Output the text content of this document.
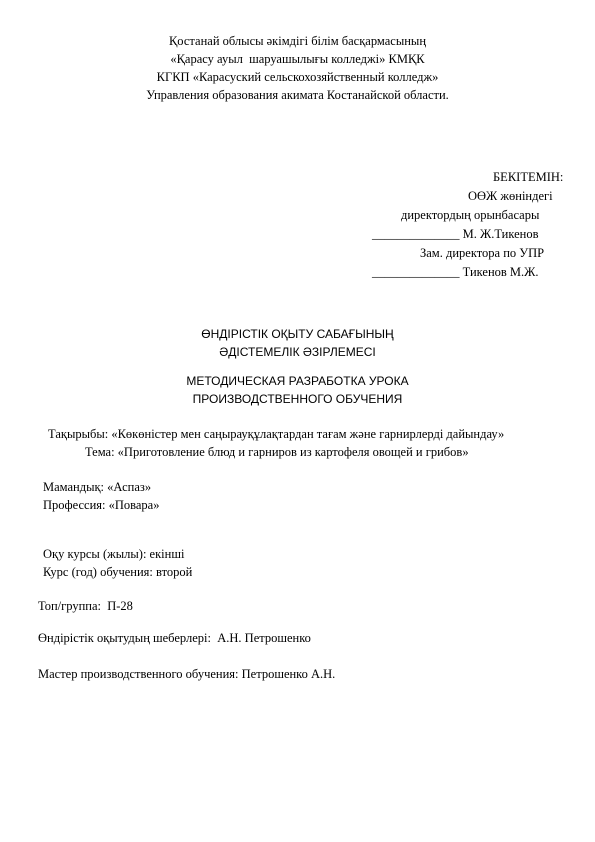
Қостанай облысы әкімдігі білім басқармасының
«Қарасу ауыл  шаруашылығы колледжі» КМҚК
КГКП «Карасуский сельскохозяйственный колледж»
Управления образования акимата Костанайской области.
БЕКІТЕМІН:
ОӨЖ жөніндегі
директордың орынбасары
______________ М. Ж.Тикенов
Зам. директора по УПР
______________ Тикенов М.Ж.
ӨНДІРІСТІК ОҚЫТУ САБАҒЫНЫҢ
ӘДІСТЕМЕЛІК ӘЗІРЛЕМЕСІ
МЕТОДИЧЕСКАЯ РАЗРАБОТКА УРОКА
ПРОИЗВОДСТВЕННОГО ОБУЧЕНИЯ
Тақырыбы: «Көкөністер мен саңырауқұлақтардан тағам және гарнирлерді дайындау»
Тема: «Приготовление блюд и гарниров из картофеля овощей и грибов»
Мамандық: «Аспаз»
Профессия: «Повара»
Оқу курсы (жылы): екінші
Курс (год) обучения: второй
Топ/группа:  П-28
Өндірістік оқытудың шеберлері:  А.Н. Петрошенко
Мастер производственного обучения: Петрошенко А.Н.
